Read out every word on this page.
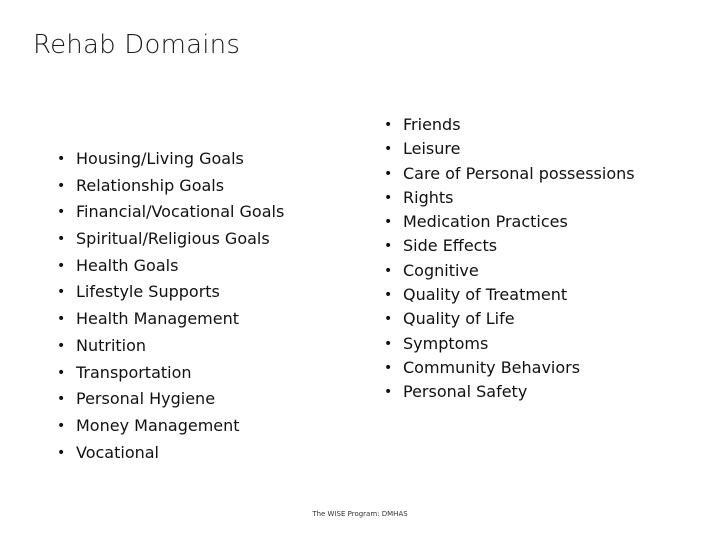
Rehab Domains
• Housing/Living Goals
• Relationship Goals
• Financial/Vocational Goals
• Spiritual/Religious Goals
• Health Goals
• Lifestyle Supports
• Health Management
• Nutrition
• Transportation
• Personal Hygiene
• Money Management
• Vocational
• Friends
• Leisure
• Care of Personal possessions
• Rights
• Medication Practices
• Side Effects
• Cognitive
• Quality of Treatment
• Quality of Life
• Symptoms
• Community Behaviors
• Personal Safety
The WISE Program: DMHAS
